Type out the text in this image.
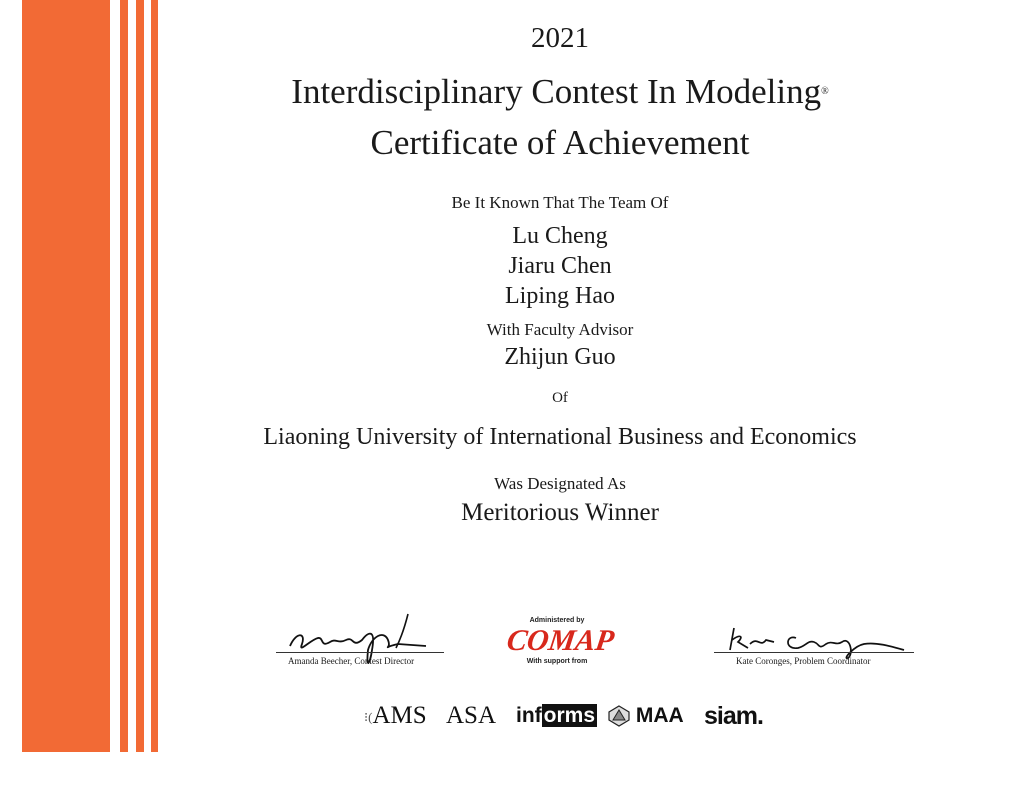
2021
Interdisciplinary Contest In Modeling®
Certificate of Achievement
Be It Known That The Team Of
Lu Cheng
Jiaru Chen
Liping Hao
With Faculty Advisor
Zhijun Guo
Of
Liaoning University of International Business and Economics
Was Designated As
Meritorious Winner
Amanda Beecher, Contest Director
Administered by
COMAP
With support from	Kate Coronges, Problem Coordinator
⁝(AMS ASA informs	MAA siam.
